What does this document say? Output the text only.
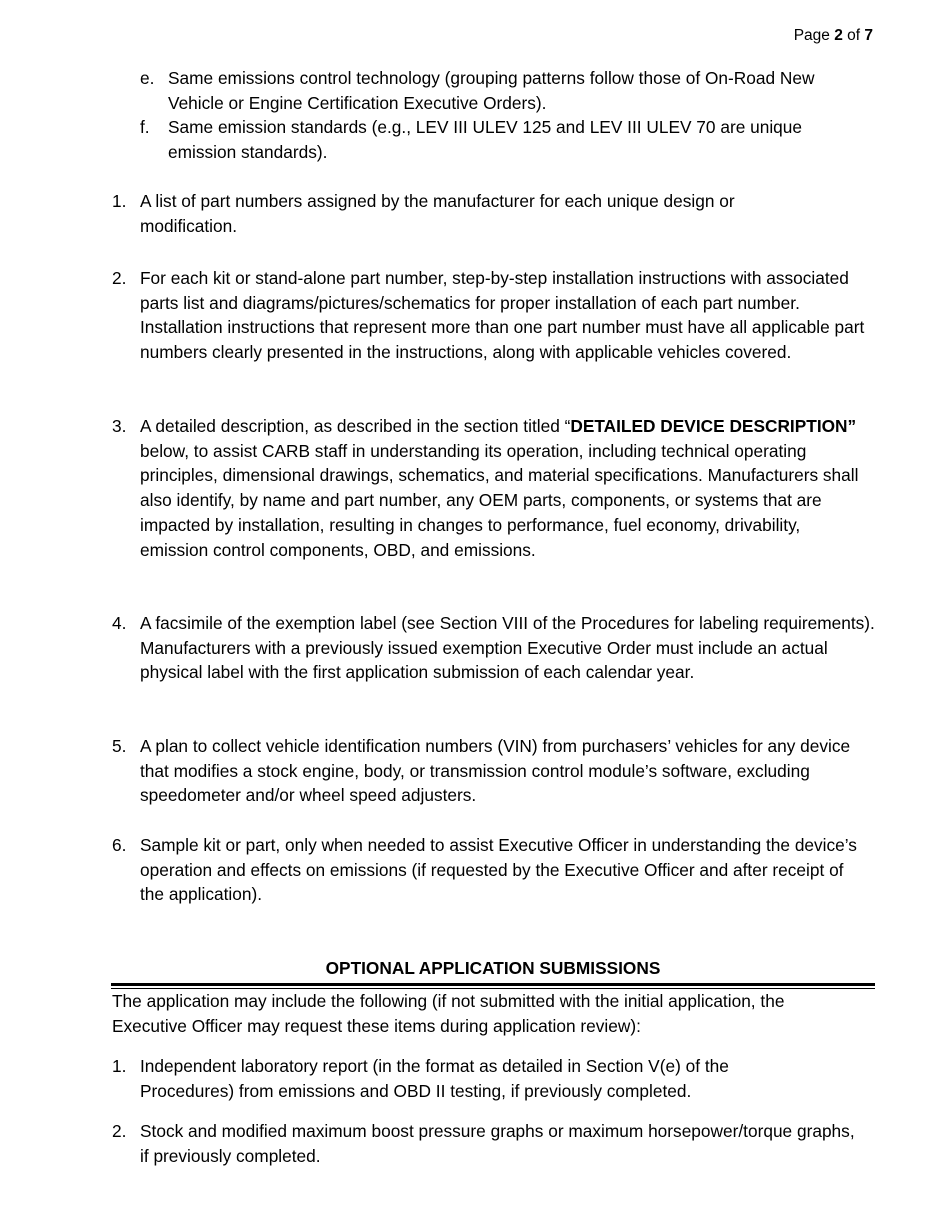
Page 2 of 7
e. Same emissions control technology (grouping patterns follow those of On-Road New Vehicle or Engine Certification Executive Orders).
f. Same emission standards (e.g., LEV III ULEV 125 and LEV III ULEV 70 are unique emission standards).
1. A list of part numbers assigned by the manufacturer for each unique design or modification.
2. For each kit or stand-alone part number, step-by-step installation instructions with associated parts list and diagrams/pictures/schematics for proper installation of each part number. Installation instructions that represent more than one part number must have all applicable part numbers clearly presented in the instructions, along with applicable vehicles covered.
3. A detailed description, as described in the section titled “DETAILED DEVICE DESCRIPTION” below, to assist CARB staff in understanding its operation, including technical operating principles, dimensional drawings, schematics, and material specifications. Manufacturers shall also identify, by name and part number, any OEM parts, components, or systems that are impacted by installation, resulting in changes to performance, fuel economy, drivability, emission control components, OBD, and emissions.
4. A facsimile of the exemption label (see Section VIII of the Procedures for labeling requirements). Manufacturers with a previously issued exemption Executive Order must include an actual physical label with the first application submission of each calendar year.
5. A plan to collect vehicle identification numbers (VIN) from purchasers’ vehicles for any device that modifies a stock engine, body, or transmission control module’s software, excluding speedometer and/or wheel speed adjusters.
6. Sample kit or part, only when needed to assist Executive Officer in understanding the device’s operation and effects on emissions (if requested by the Executive Officer and after receipt of the application).
OPTIONAL APPLICATION SUBMISSIONS
The application may include the following (if not submitted with the initial application, the Executive Officer may request these items during application review):
1. Independent laboratory report (in the format as detailed in Section V(e) of the Procedures) from emissions and OBD II testing, if previously completed.
2. Stock and modified maximum boost pressure graphs or maximum horsepower/torque graphs, if previously completed.
